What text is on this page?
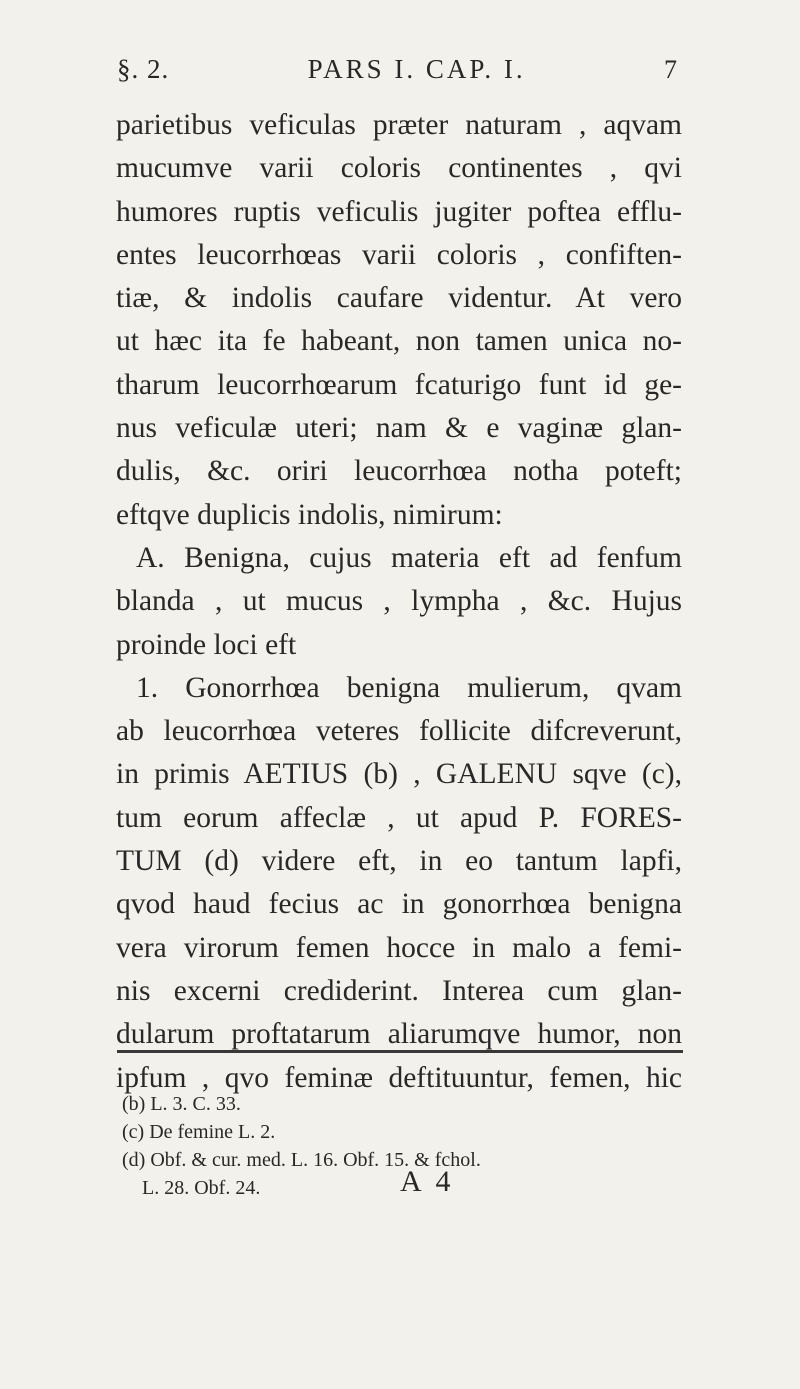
§. 2.	PARS I. CAP. I.	7
parietibus veficulas præter naturam , aqvam
mucumve varii coloris continentes , qvi
humores ruptis veficulis jugiter poftea efflu-
entes leucorrhœas varii coloris , confiften-
tiæ, & indolis caufare videntur. At vero
ut hæc ita fe habeant, non tamen unica no-
tharum leucorrhœarum fcaturigo funt id ge-
nus veficulæ uteri; nam & e vaginæ glan-
dulis, &c. oriri leucorrhœa notha poteft;
eftqve duplicis indolis, nimirum:
A. Benigna, cujus materia eft ad fenfum
blanda , ut mucus , lympha , &c. Hujus
proinde loci eft
1. Gonorrhœa benigna mulierum, qvam
ab leucorrhœa veteres follicite difcreverunt,
in primis AETIUS (b) , GALENU sqve (c),
tum eorum affeclæ , ut apud P. FORES-
TUM (d) videre eft, in eo tantum lapfi,
qvod haud fecius ac in gonorrhœa benigna
vera virorum femen hocce in malo a femi-
nis excerni crediderint. Interea cum glan-
dularum proftatarum aliarumqve humor, non
ipfum , qvo feminæ deftituuntur, femen, hic
(b) L. 3. C. 33.
(c) De femine L. 2.
(d) Obf. & cur. med. L. 16. Obf. 15. & fchol.
L. 28. Obf. 24.	A 4
